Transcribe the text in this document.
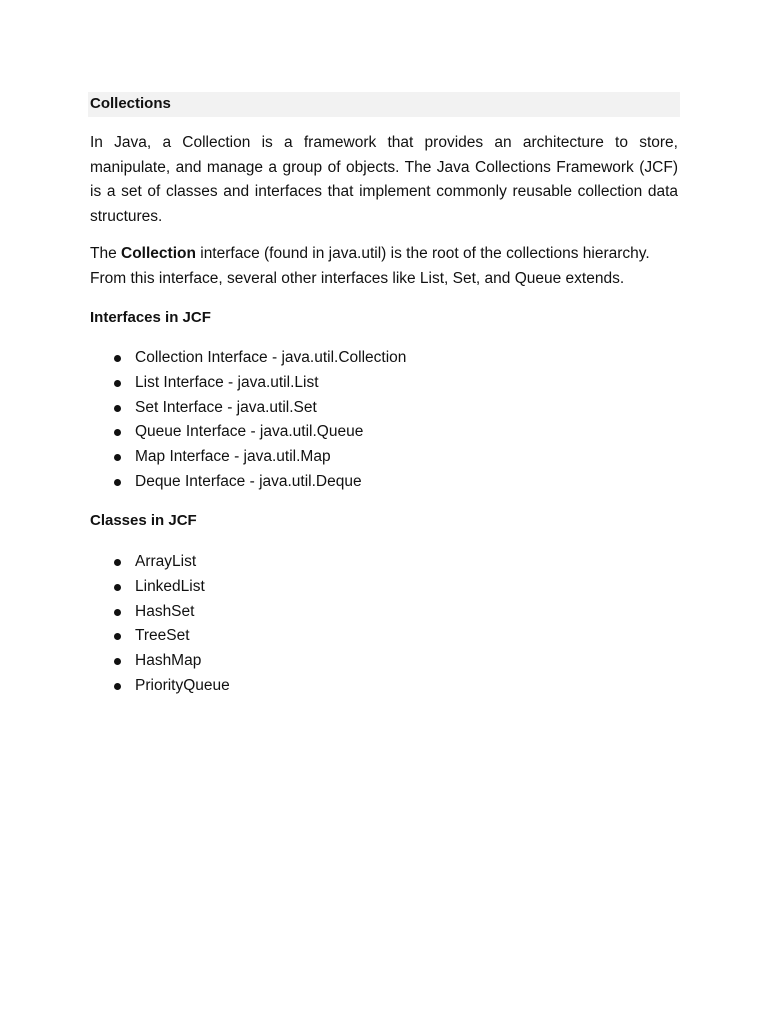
Collections

In Java, a Collection is a framework that provides an architecture to store, manipulate, and manage a group of objects. The Java Collections Framework (JCF) is a set of classes and interfaces that implement commonly reusable collection data structures.

The Collection interface (found in java.util) is the root of the collections hierarchy. From this interface, several other interfaces like List, Set, and Queue extends.

Interfaces in JCF
Collection Interface - java.util.Collection
List Interface - java.util.List
Set Interface - java.util.Set
Queue Interface - java.util.Queue
Map Interface - java.util.Map
Deque Interface - java.util.Deque
Classes in JCF
ArrayList
LinkedList
HashSet
TreeSet
HashMap
PriorityQueue
